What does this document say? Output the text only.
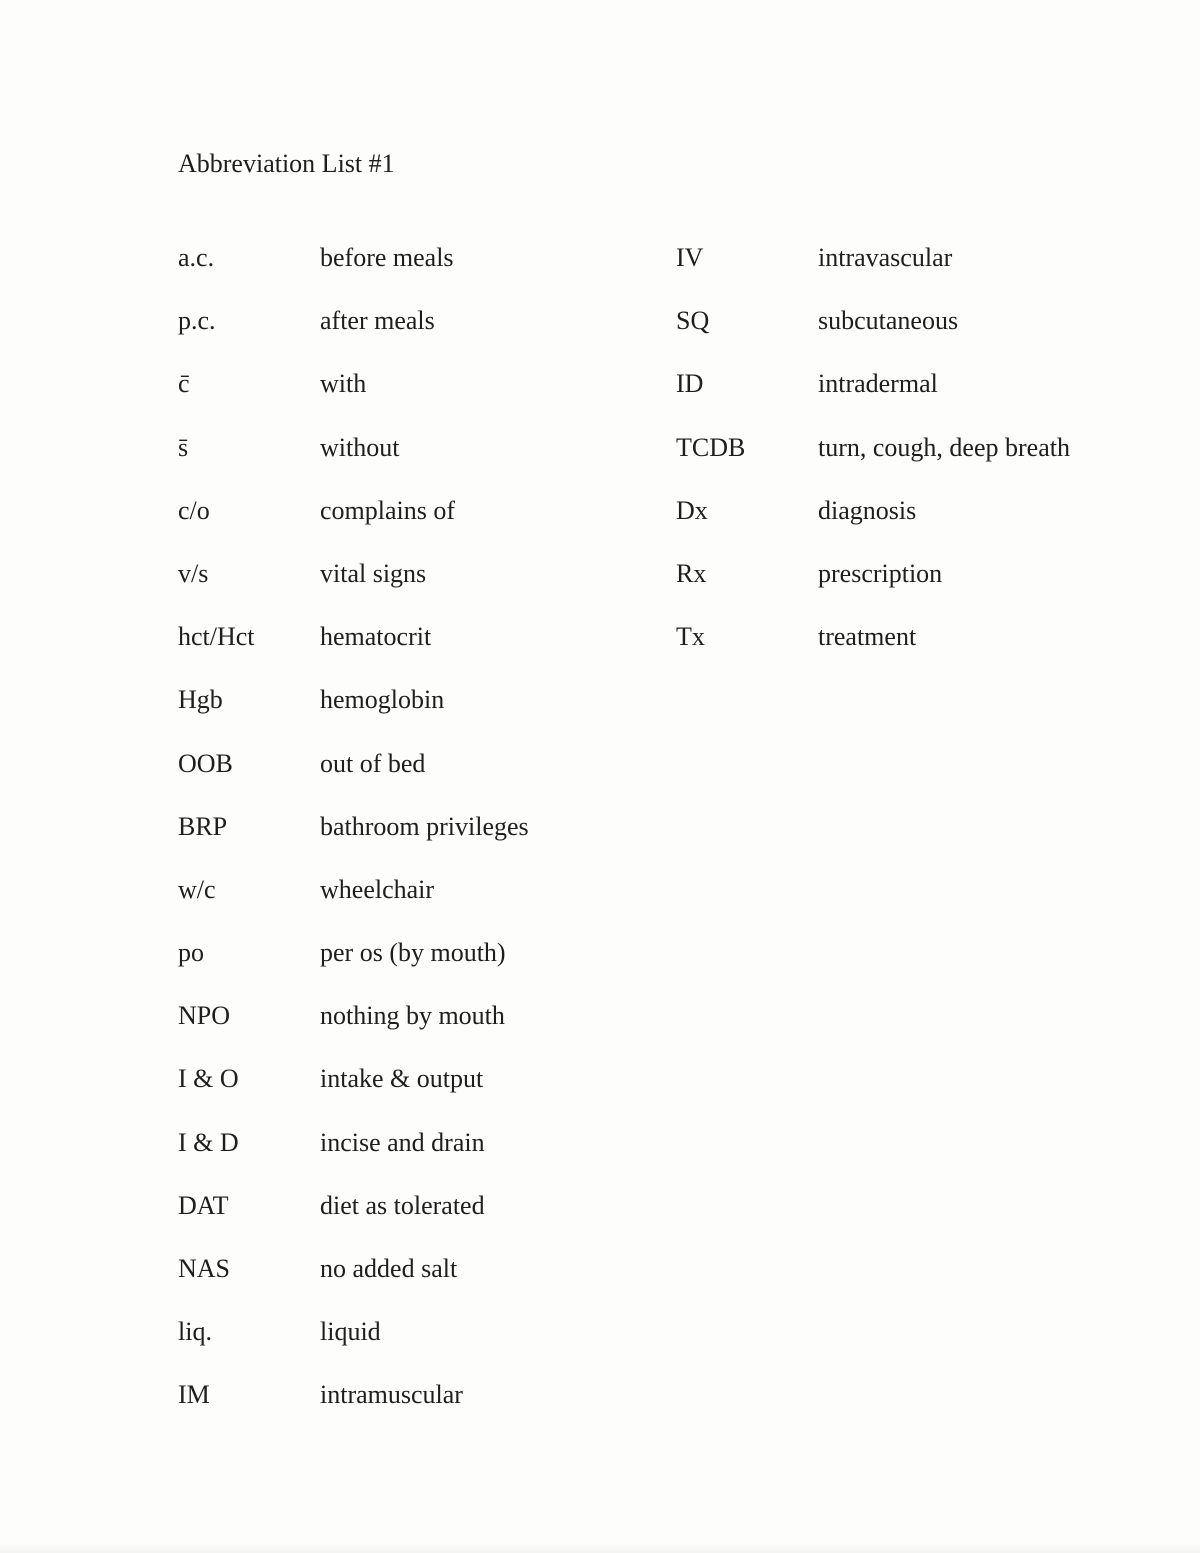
Abbreviation List #1
a.c.	before meals
p.c.	after meals
c̄	with
s̄	without
c/o	complains of
v/s	vital signs
hct/Hct	hematocrit
Hgb	hemoglobin
OOB	out of bed
BRP	bathroom privileges
w/c	wheelchair
po	per os (by mouth)
NPO	nothing by mouth
I & O	intake & output
I & D	incise and drain
DAT	diet as tolerated
NAS	no added salt
liq.	liquid
IM	intramuscular
IV	intravascular
SQ	subcutaneous
ID	intradermal
TCDB	turn, cough, deep breath
Dx	diagnosis
Rx	prescription
Tx	treatment
